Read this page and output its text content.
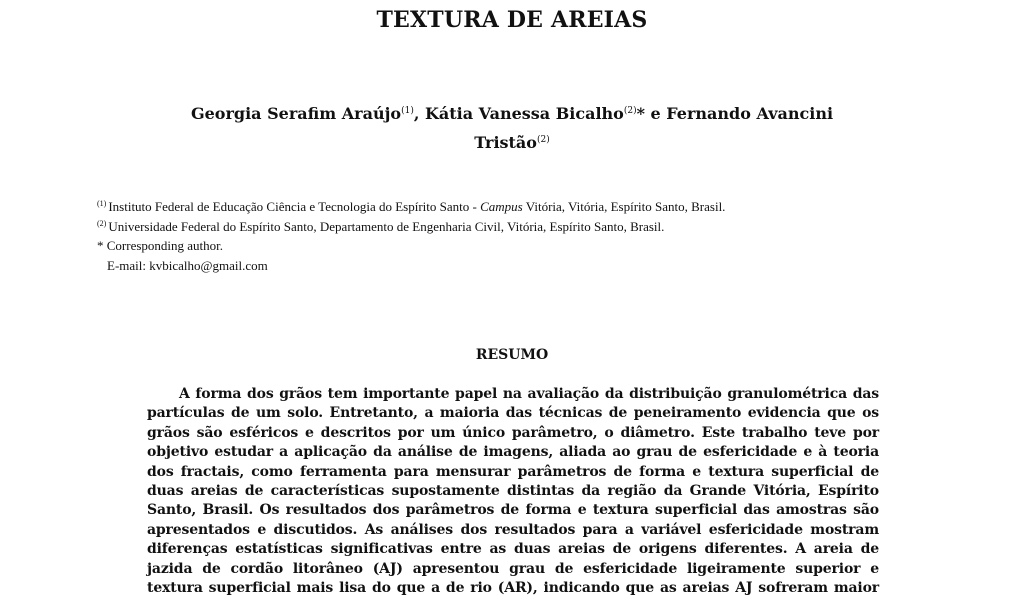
TEXTURA DE AREIAS
Georgia Serafim Araújo$^{(1)}$, Kátia Vanessa Bicalho$^{(2)}$* e Fernando Avancini
Tristão$^{(2)}$
$^{(1)}$ Instituto Federal de Educação Ciência e Tecnologia do Espírito Santo - Campus Vitória, Vitória, Espírito Santo, Brasil.
$^{(2)}$ Universidade Federal do Espírito Santo, Departamento de Engenharia Civil, Vitória, Espírito Santo, Brasil.
* Corresponding author.
E-mail: kvbicalho@gmail.com
RESUMO
A forma dos grãos tem importante papel na avaliação da distribuição granulométrica das
partículas de um solo. Entretanto, a maioria das técnicas de peneiramento evidencia que os
grãos são esféricos e descritos por um único parâmetro, o diâmetro. Este trabalho teve por
objetivo estudar a aplicação da análise de imagens, aliada ao grau de esfericidade e à teoria
dos fractais, como ferramenta para mensurar parâmetros de forma e textura superficial de
duas areias de características supostamente distintas da região da Grande Vitória, Espírito
Santo, Brasil. Os resultados dos parâmetros de forma e textura superficial das amostras são
apresentados e discutidos. As análises dos resultados para a variável esfericidade mostram
diferenças estatísticas significativas entre as duas areias de origens diferentes. A areia de
jazida de cordão litorâneo (AJ) apresentou grau de esfericidade ligeiramente superior e
textura superficial mais lisa do que a de rio (AR), indicando que as areias AJ sofreram maior
